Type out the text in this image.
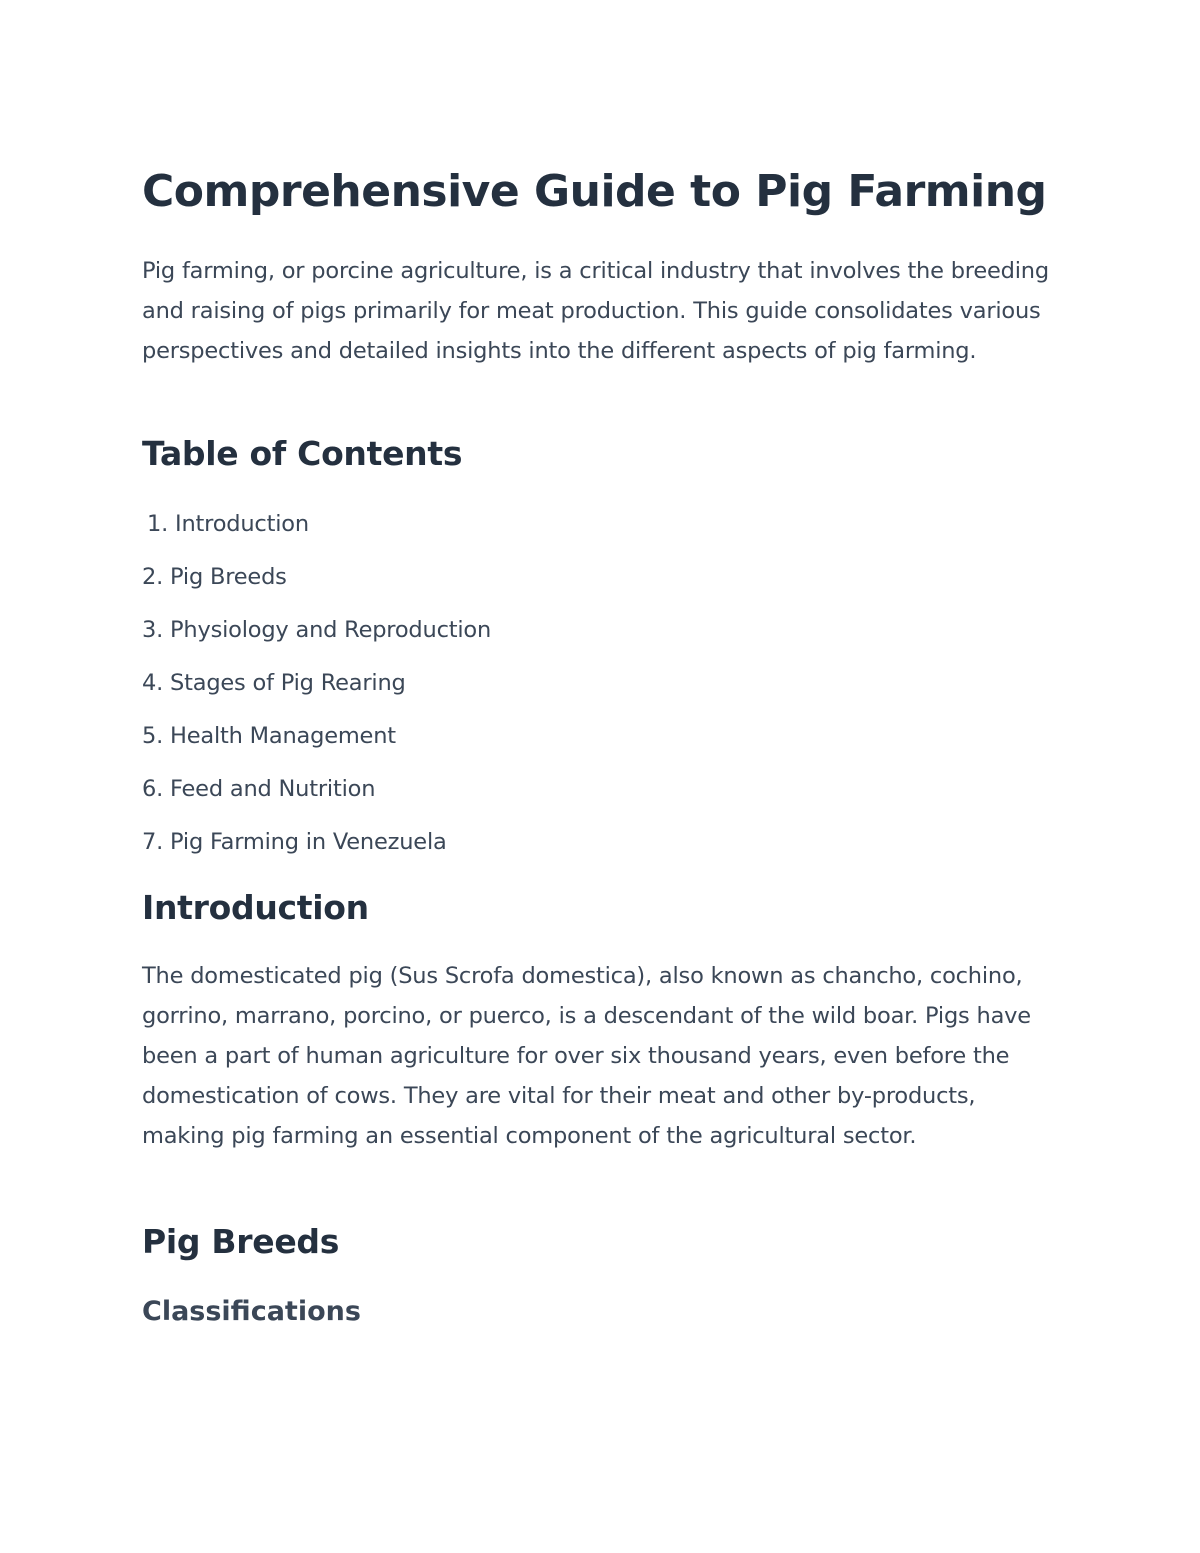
Comprehensive Guide to Pig Farming

Pig farming, or porcine agriculture, is a critical industry that involves the breeding and raising of pigs primarily for meat production. This guide consolidates various perspectives and detailed insights into the different aspects of pig farming.

Table of Contents
1. Introduction
2. Pig Breeds
3. Physiology and Reproduction
4. Stages of Pig Rearing
5. Health Management
6. Feed and Nutrition
7. Pig Farming in Venezuela
Introduction

The domesticated pig (Sus Scrofa domestica), also known as chancho, cochino, gorrino, marrano, porcino, or puerco, is a descendant of the wild boar. Pigs have been a part of human agriculture for over six thousand years, even before the domestication of cows. They are vital for their meat and other by-products, making pig farming an essential component of the agricultural sector.

Pig Breeds
Classifications
